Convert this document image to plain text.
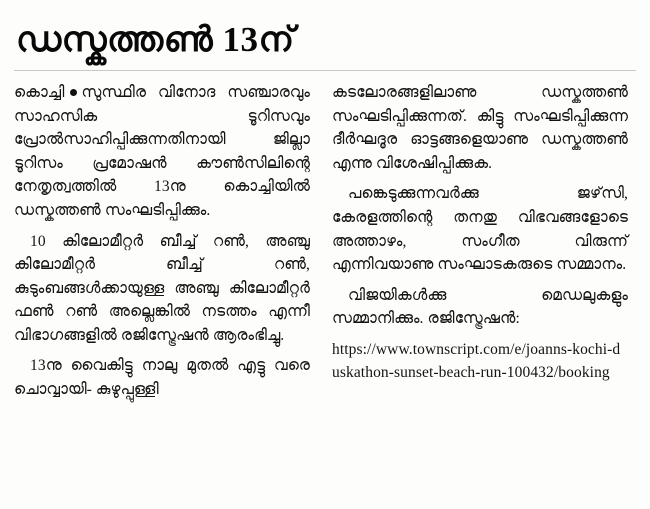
ഡസ്കത്തണ്‍ 13ന്

കൊച്ചി സുസ്ഥിര വിനോദ സഞ്ചാരവും സാഹസിക ടൂറിസവും പ്രോല്‍സാഹിപ്പിക്കുന്നതിനായി ജില്ലാ ടൂറിസം പ്രമോഷന്‍ കൗണ്‍സിലിന്റെ നേതൃത്വത്തില്‍ 13നു കൊച്ചിയില്‍ ഡസ്കത്തണ്‍ സംഘടിപ്പിക്കും.

10 കിലോമീറ്റര്‍ ബീച്ച് റണ്‍, അഞ്ചു കിലോമീറ്റര്‍ ബീച്ച് റണ്‍, കുടുംബങ്ങള്‍ക്കായുള്ള അഞ്ചു കിലോമീറ്റര്‍ ഫണ്‍ റണ്‍ അല്ലെങ്കില്‍ നടത്തം എന്നീ വിഭാഗങ്ങളില്‍ രജിസ്ട്രേഷന്‍ ആരംഭിച്ചു.

13നു വൈകിട്ടു നാലു മുതല്‍ എട്ടു വരെ ചൊവ്വായി- കുഴുപ്പുള്ളി

കടലോരങ്ങളിലാണു ഡസ്കത്തണ്‍ സംഘടിപ്പിക്കുന്നത്. കിട്ടു സംഘടിപ്പിക്കുന്ന ദീര്‍ഘദൂര ഓട്ടങ്ങളെയാണു ഡസ്കത്തണ്‍ എന്നു വിശേഷിപ്പിക്കുക.

പങ്കെടുക്കുന്നവര്‍ക്കു ജഴ്‌സി, കേരളത്തിന്റെ തനതു വിഭവങ്ങളോടെ അത്താഴം, സംഗീത വിരുന്ന് എന്നിവയാണു സംഘാടകരുടെ സമ്മാനം.

വിജയികള്‍ക്കു മെഡലുകളും സമ്മാനിക്കും. രജിസ്ട്രേഷന്‍:

https://www.townscript.com/e/joanns-kochi-duskathon-sunset-beach-run-100432/booking
